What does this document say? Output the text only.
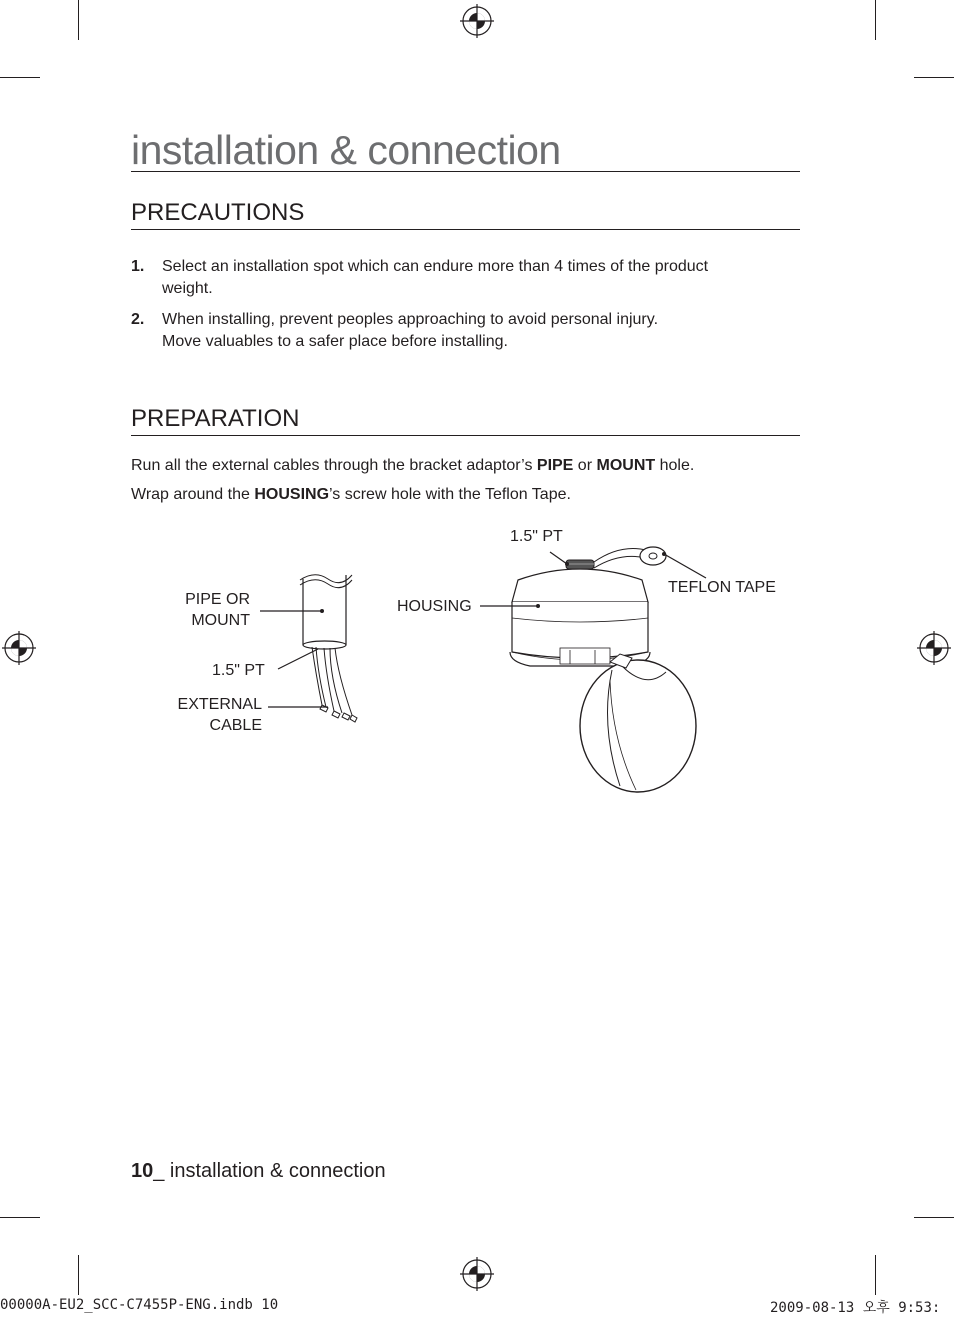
installation & connection
PRECAUTIONS
1. Select an installation spot which can endure more than 4 times of the product
weight.
2. When installing, prevent peoples approaching to avoid personal injury.
Move valuables to a safer place before installing.
PREPARATION
Run all the external cables through the bracket adaptor’s PIPE or MOUNT hole.
Wrap around the HOUSING’s screw hole with the Teflon Tape.
PIPE OR
MOUNT
1.5" PT
EXTERNAL
CABLE
1.5" PT
HOUSING
TEFLON TAPE
10_ installation & connection
00000A-EU2_SCC-C7455P-ENG.indb 10	2009-08-13 오후 9:53:
